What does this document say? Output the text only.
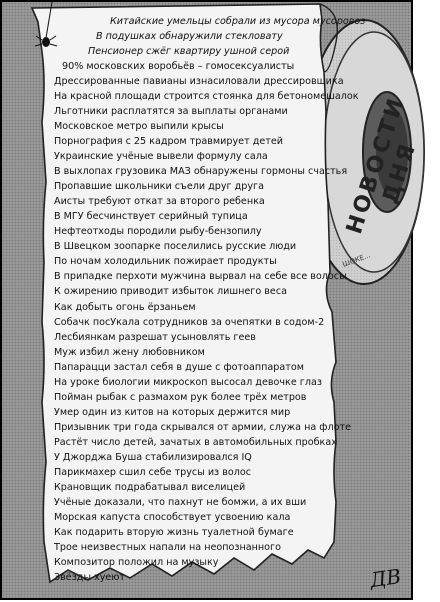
НОВОСТИ ДНЯ
ШОКЕ...
Китайские умельцы собрали из мусора мусоровоз
В подушках обнаружили стекловату
Пенсионер сжёг квартиру ушной серой
90% московских воробьёв – гомосексуалисты
Дрессированные павианы изнасиловали дрессировщика
На красной площади строится стоянка для бетономешалок
Льготники расплатятся за выплаты органами
Московское метро выпили крысы
Порнография с 25 кадром травмирует детей
Украинские учёные вывели формулу сала
В выхлопах грузовика МАЗ обнаружены гормоны счастья
Пропавшие школьники съели друг друга
Аисты требуют откат за второго ребенка
В МГУ бесчинствует серийный тупица
Нефтеотходы породили рыбу-бензопилу
В Швецком зоопарке поселились русские люди
По ночам холодильник пожирает продукты
В припадке перхоти мужчина вырвал на себе все волосы
К ожирению приводит избыток лишнего веса
Как добыть огонь ёрзаньем
Собачк посУкала сотрудников за очепятки в содом-2
Лесбиянкам разрешат усыновлять геев
Муж избил жену любовником
Папарацци застал себя в душе с фотоаппаратом
На уроке биологии микроскоп высосал девочке глаз
Пойман рыбак с размахом рук более трёх метров
Умер один из китов на которых держится мир
Призывник три года скрывался от армии, служа на флоте
Растёт число детей, зачатых в автомобильных пробках
У Джорджа Буша стабилизировался IQ
Парикмахер сшил себе трусы из волос
Крановщик подрабатывал виселицей
Учёные доказали, что пахнут не бомжи, а их вши
Морская капуста способствует усвоению кала
Как подарить вторую жизнь туалетной бумаге
Трое неизвестных напали на неопознанного
Композитор положил на музыку
Звёзды хуеют	ДВ
